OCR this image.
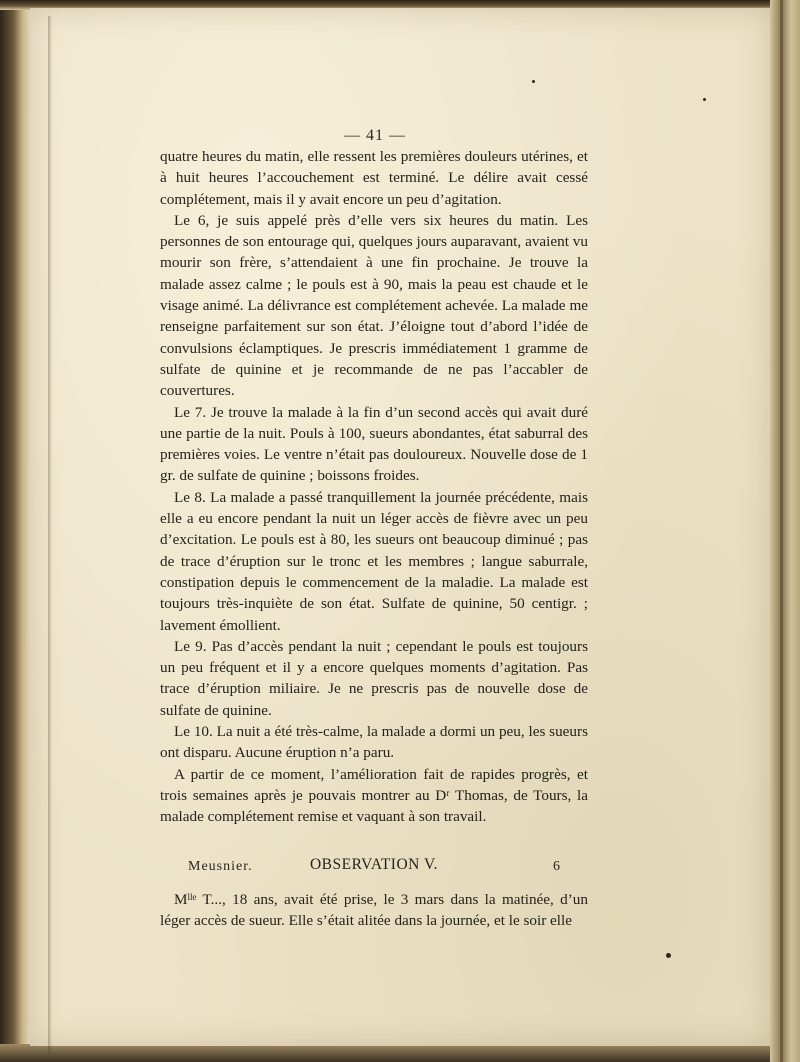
— 41 —

quatre heures du matin, elle ressent les premières douleurs utérines, et à huit heures l’accouchement est terminé. Le délire avait cessé complétement, mais il y avait encore un peu d’agitation.

Le 6, je suis appelé près d’elle vers six heures du matin. Les personnes de son entourage qui, quelques jours auparavant, avaient vu mourir son frère, s’attendaient à une fin prochaine. Je trouve la malade assez calme ; le pouls est à 90, mais la peau est chaude et le visage animé. La délivrance est complétement achevée. La malade me renseigne parfaitement sur son état. J’éloigne tout d’abord l’idée de convulsions éclamptiques. Je prescris immédiatement 1 gramme de sulfate de quinine et je recommande de ne pas l’accabler de couvertures.

Le 7. Je trouve la malade à la fin d’un second accès qui avait duré une partie de la nuit. Pouls à 100, sueurs abondantes, état saburral des premières voies. Le ventre n’était pas douloureux. Nouvelle dose de 1 gr. de sulfate de quinine ; boissons froides.

Le 8. La malade a passé tranquillement la journée précédente, mais elle a eu encore pendant la nuit un léger accès de fièvre avec un peu d’excitation. Le pouls est à 80, les sueurs ont beaucoup diminué ; pas de trace d’éruption sur le tronc et les membres ; langue saburrale, constipation depuis le commencement de la maladie. La malade est toujours très-inquiète de son état. Sulfate de quinine, 50 centigr. ; lavement émollient.

Le 9. Pas d’accès pendant la nuit ; cependant le pouls est toujours un peu fréquent et il y a encore quelques moments d’agitation. Pas trace d’éruption miliaire. Je ne prescris pas de nouvelle dose de sulfate de quinine.

Le 10. La nuit a été très-calme, la malade a dormi un peu, les sueurs ont disparu. Aucune éruption n’a paru.

A partir de ce moment, l’amélioration fait de rapides progrès, et trois semaines après je pouvais montrer au Dʳ Thomas, de Tours, la malade complétement remise et vaquant à son travail.

OBSERVATION V.

Mˡˡᵉ T..., 18 ans, avait été prise, le 3 mars dans la matinée, d’un léger accès de sueur. Elle s’était alitée dans la journée, et le soir elle

Meusnier.	6
